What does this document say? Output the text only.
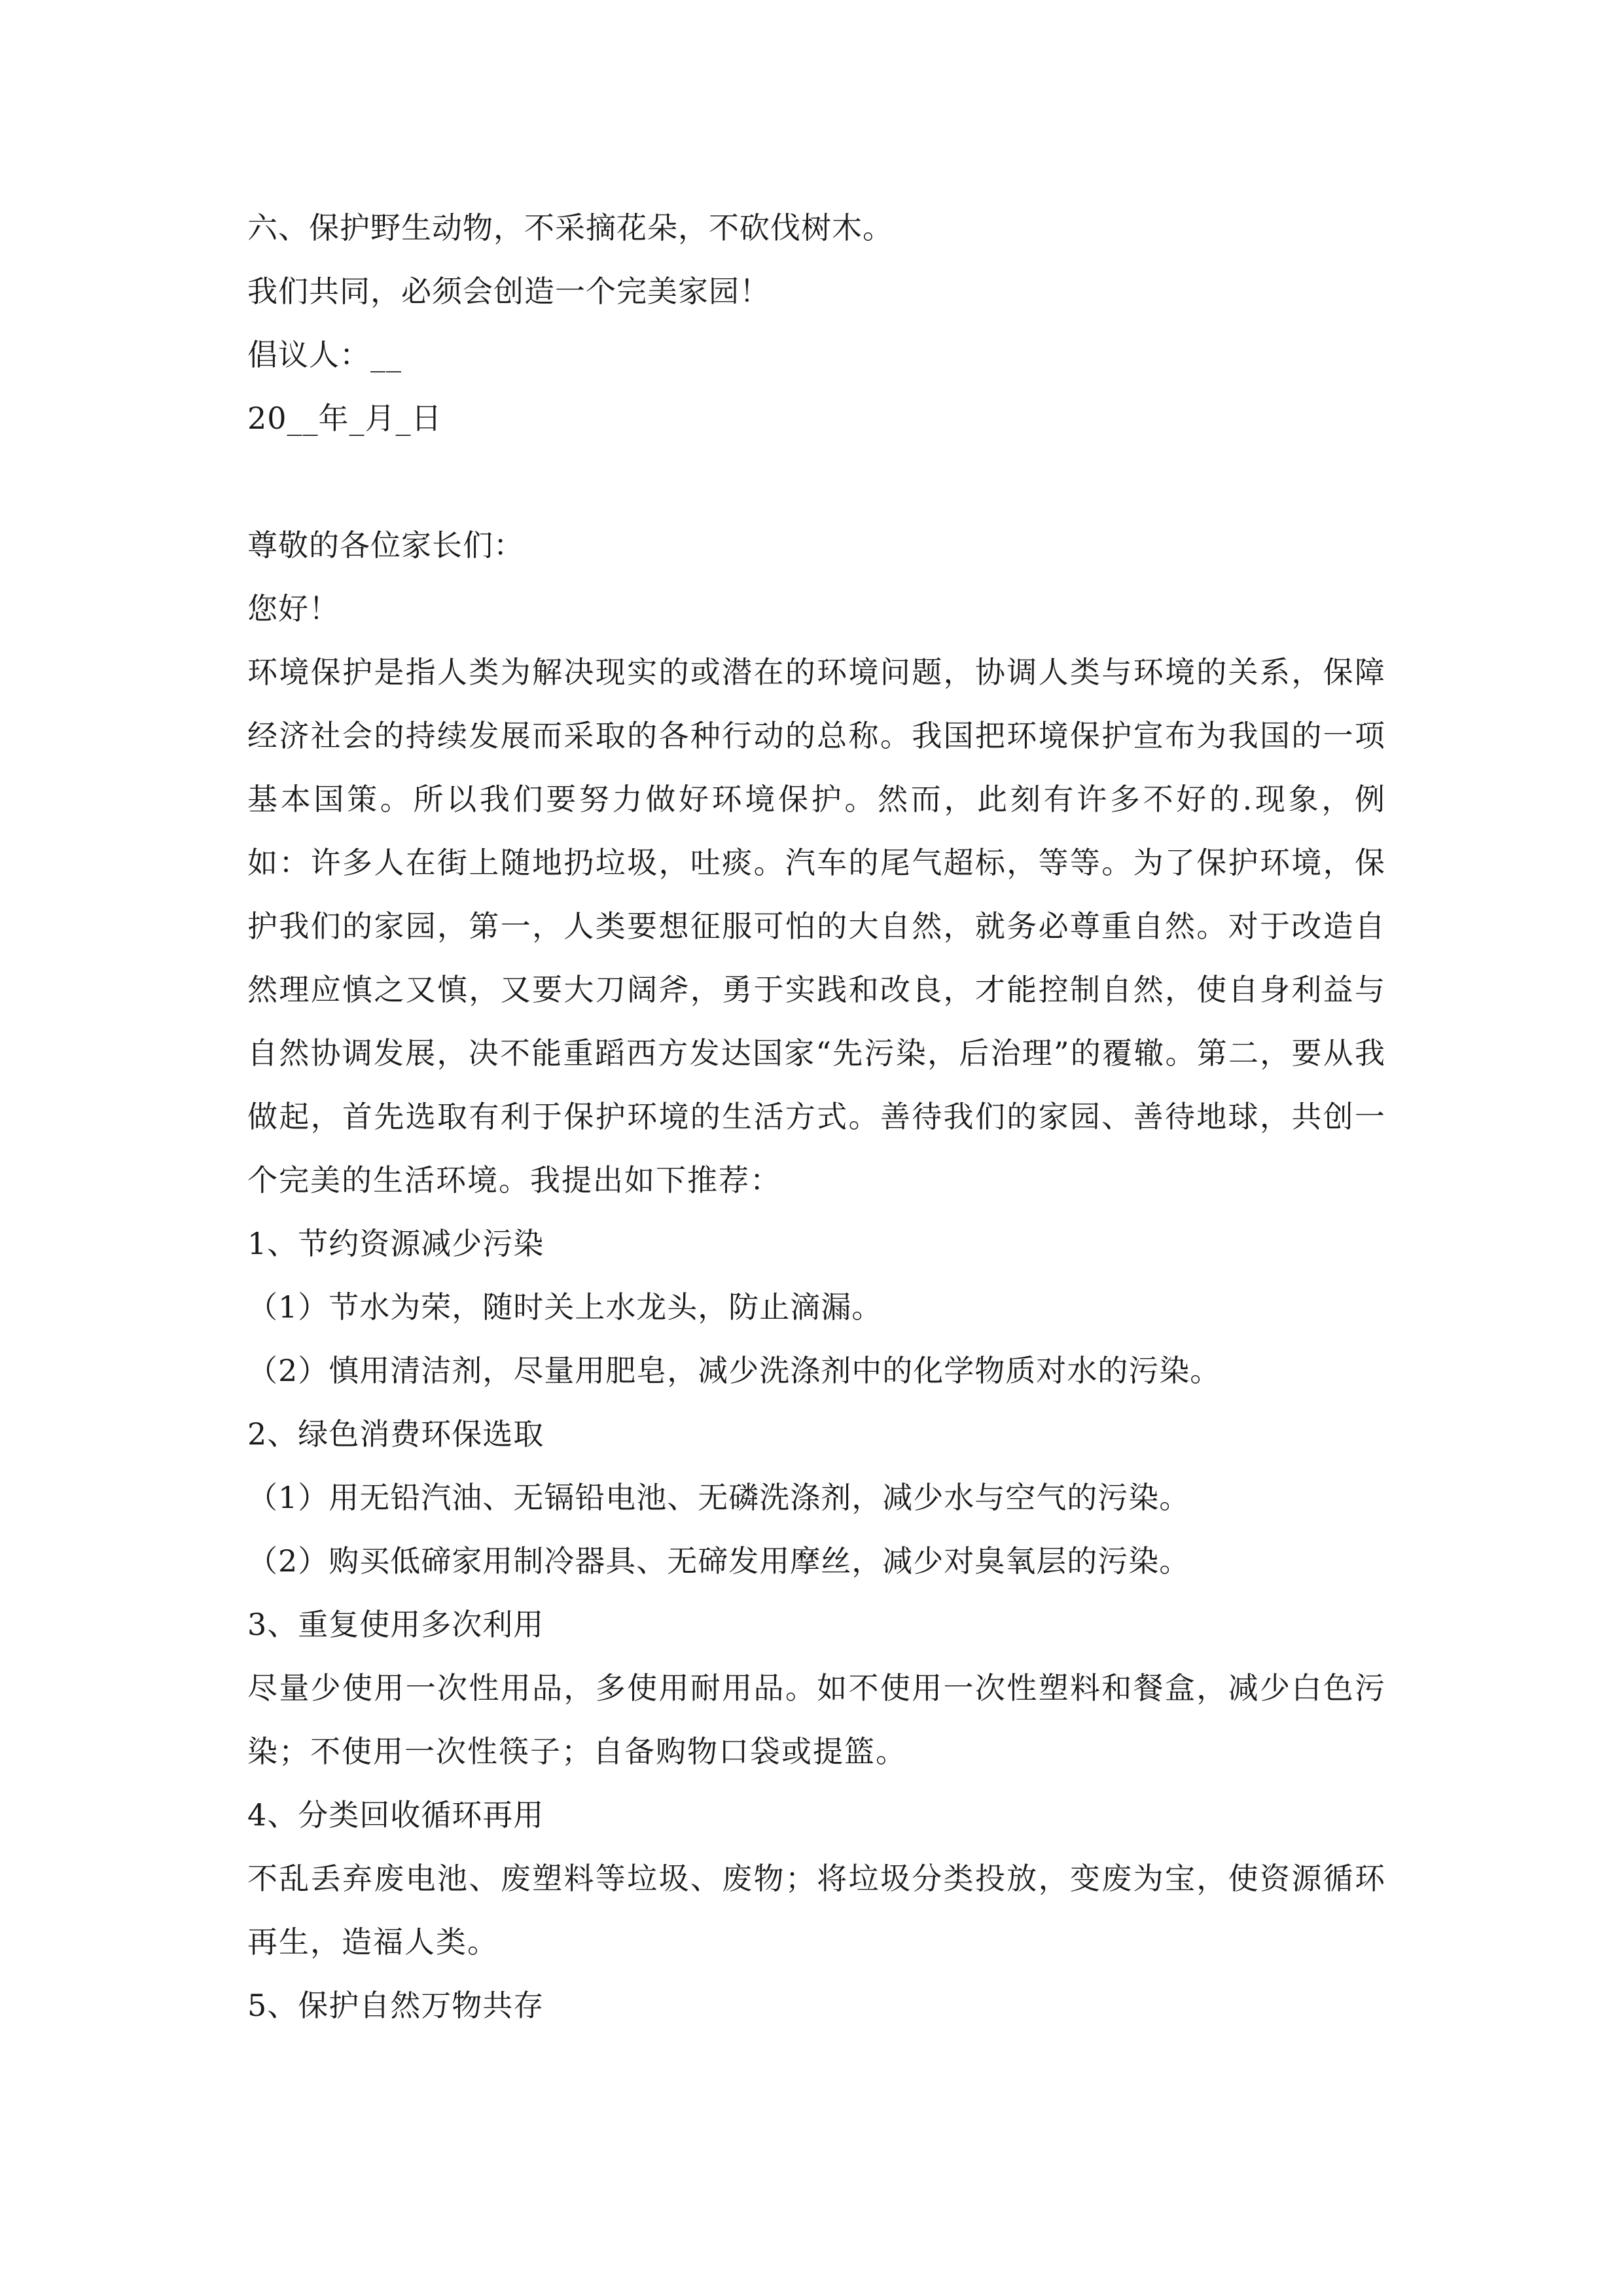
六、保护野生动物，不采摘花朵，不砍伐树木。
我们共同，必须会创造一个完美家园！
倡议人：__
20__年_月_日
尊敬的各位家长们：
您好！

环境保护是指人类为解决现实的或潜在的环境问题，协调人类与环境的关系，保障经济社会的持续发展而采取的各种行动的总称。我国把环境保护宣布为我国的一项基本国策。所以我们要努力做好环境保护。然而，此刻有许多不好的.现象，例如：许多人在街上随地扔垃圾，吐痰。汽车的尾气超标，等等。为了保护环境，保护我们的家园，第一，人类要想征服可怕的大自然，就务必尊重自然。对于改造自然理应慎之又慎，又要大刀阔斧，勇于实践和改良，才能控制自然，使自身利益与自然协调发展，决不能重蹈西方发达国家“先污染，后治理”的覆辙。第二，要从我做起，首先选取有利于保护环境的生活方式。善待我们的家园、善待地球，共创一个完美的生活环境。我提出如下推荐：

1、节约资源减少污染
（1）节水为荣，随时关上水龙头，防止滴漏。
（2）慎用清洁剂，尽量用肥皂，减少洗涤剂中的化学物质对水的污染。
2、绿色消费环保选取
（1）用无铅汽油、无镉铅电池、无磷洗涤剂，减少水与空气的污染。
（2）购买低碲家用制冷器具、无碲发用摩丝，减少对臭氧层的污染。
3、重复使用多次利用

尽量少使用一次性用品，多使用耐用品。如不使用一次性塑料和餐盒，减少白色污染；不使用一次性筷子；自备购物口袋或提篮。

4、分类回收循环再用

不乱丢弃废电池、废塑料等垃圾、废物；将垃圾分类投放，变废为宝，使资源循环再生，造福人类。

5、保护自然万物共存
